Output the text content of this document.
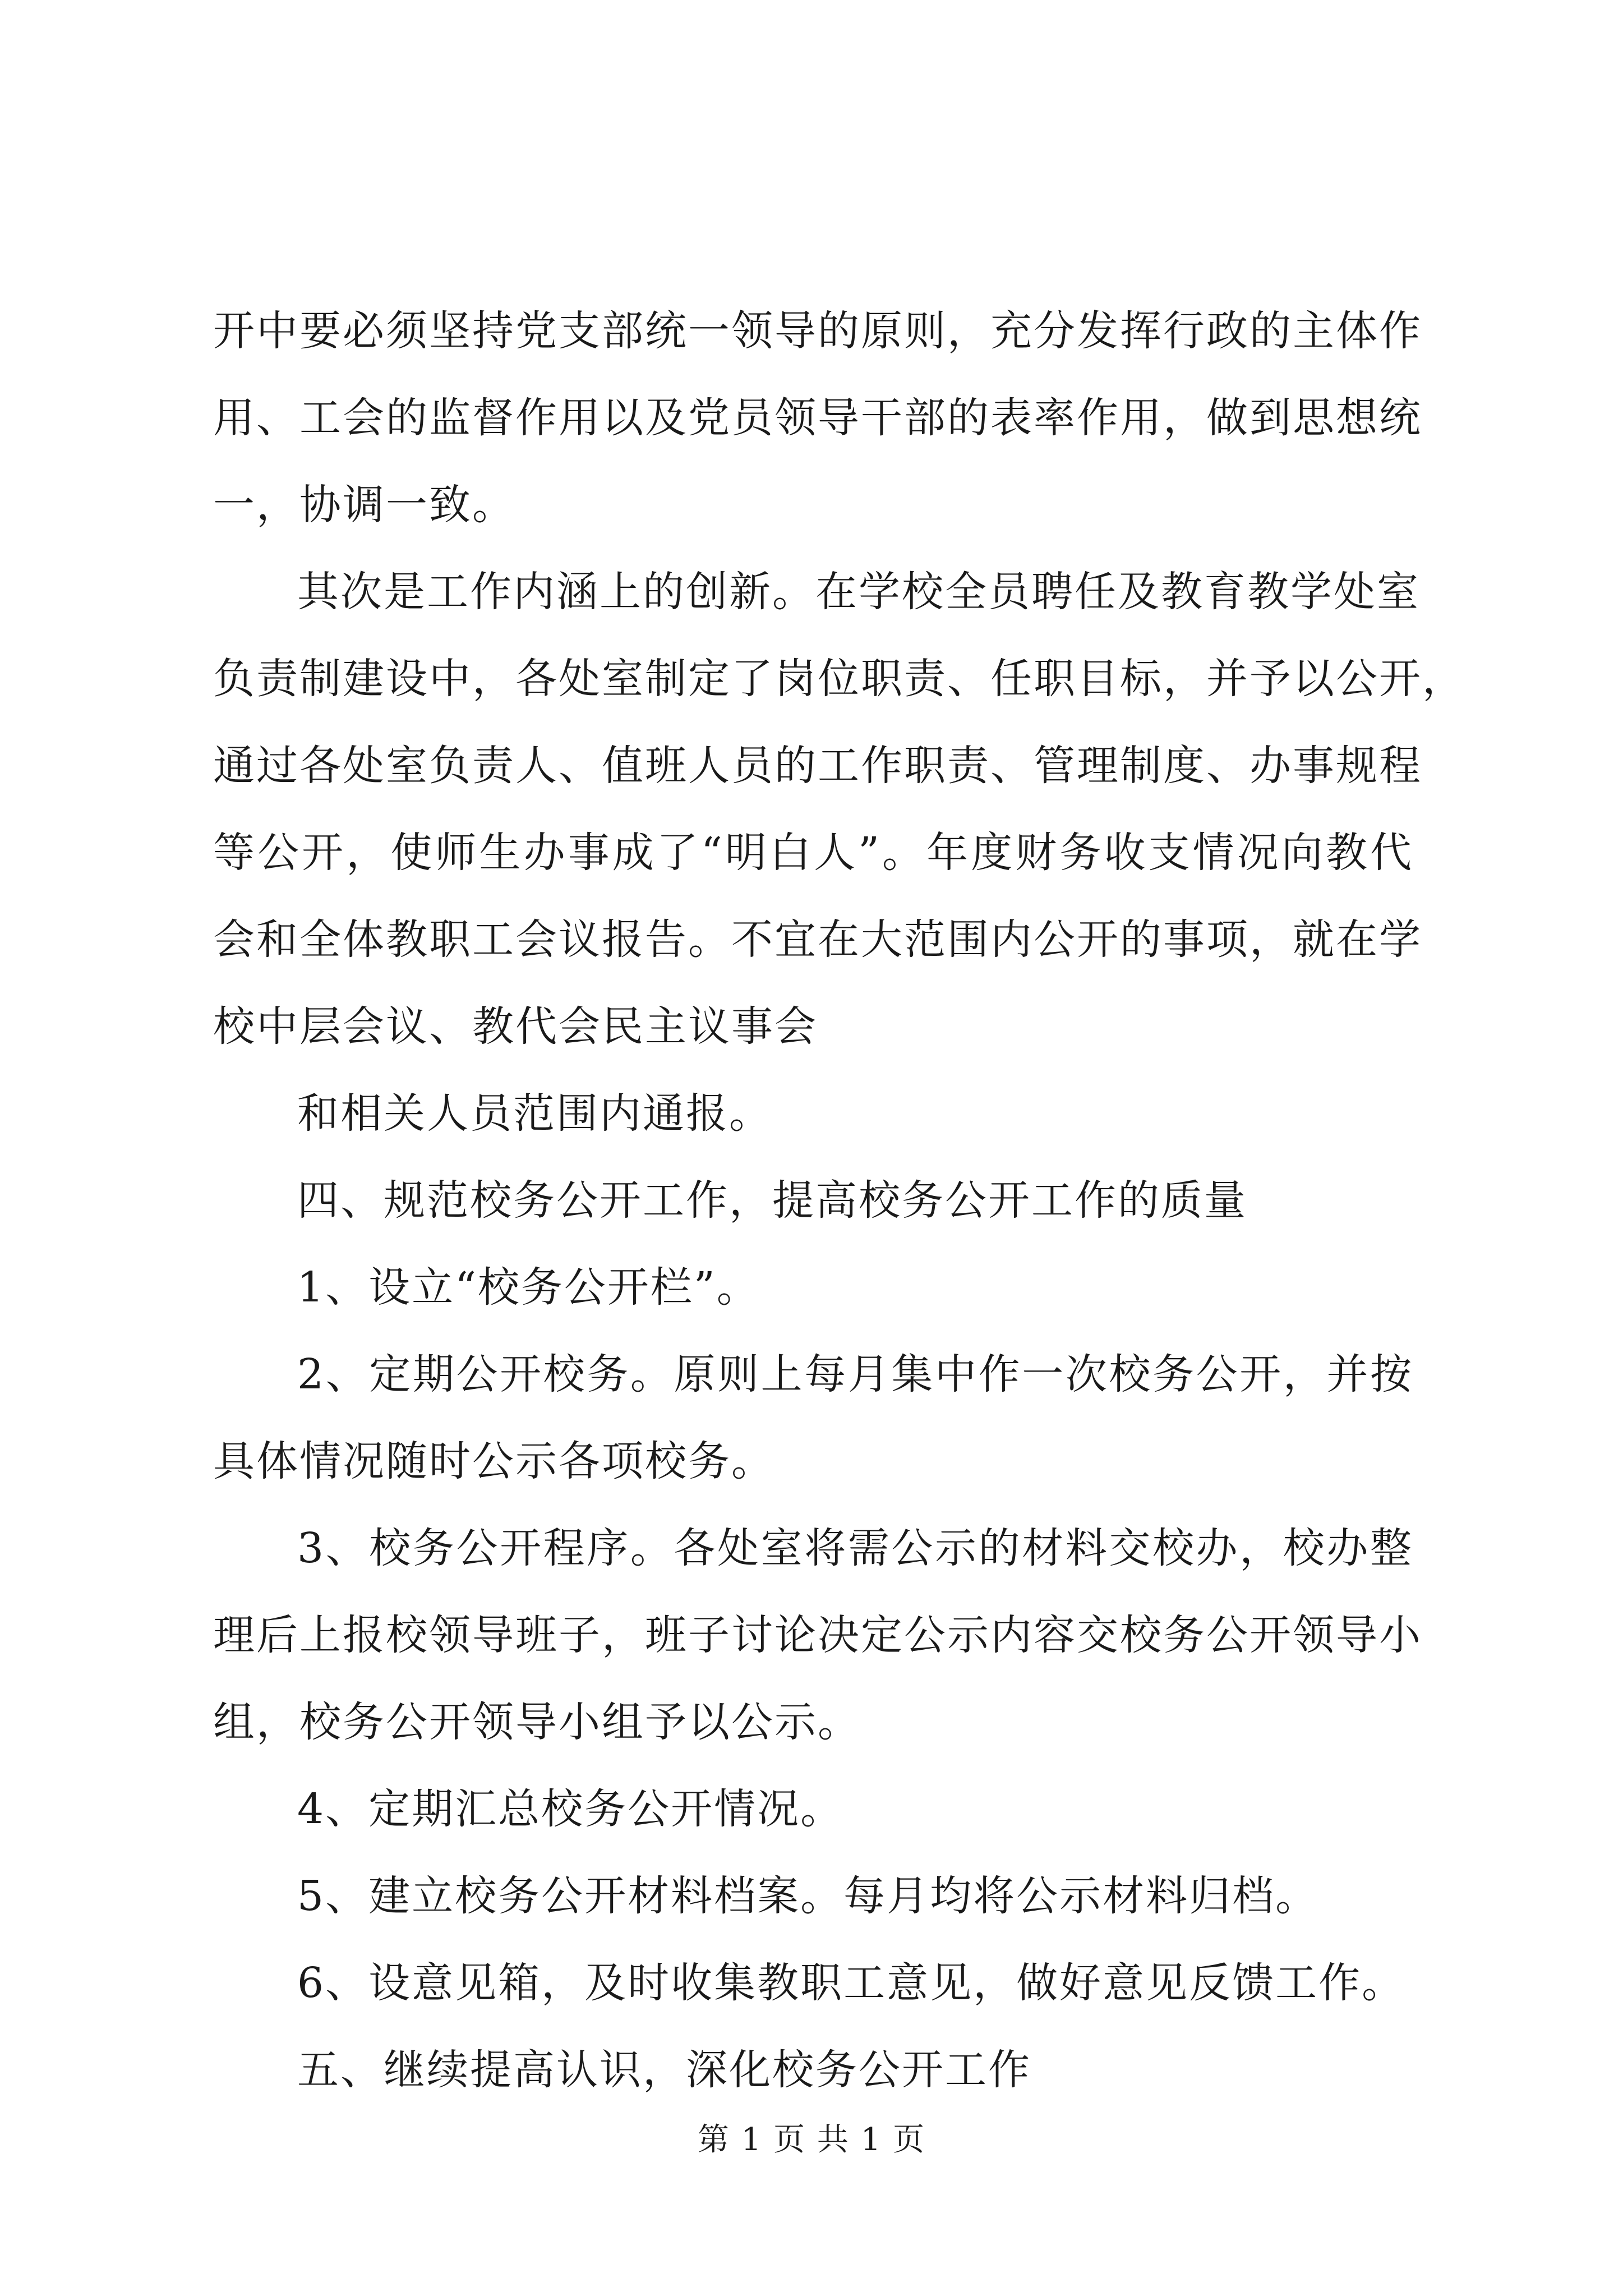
开中要必须坚持党支部统一领导的原则，充分发挥行政的主体作
用、工会的监督作用以及党员领导干部的表率作用，做到思想统
一，协调一致。
其次是工作内涵上的创新。在学校全员聘任及教育教学处室
负责制建设中，各处室制定了岗位职责、任职目标，并予以公开，
通过各处室负责人、值班人员的工作职责、管理制度、办事规程
等公开，使师生办事成了“明白人”。年度财务收支情况向教代
会和全体教职工会议报告。不宜在大范围内公开的事项，就在学
校中层会议、教代会民主议事会
和相关人员范围内通报。
四、规范校务公开工作，提高校务公开工作的质量
1、设立“校务公开栏”。
2、定期公开校务。原则上每月集中作一次校务公开，并按
具体情况随时公示各项校务。
3、校务公开程序。各处室将需公示的材料交校办，校办整
理后上报校领导班子，班子讨论决定公示内容交校务公开领导小
组，校务公开领导小组予以公示。
4、定期汇总校务公开情况。
5、建立校务公开材料档案。每月均将公示材料归档。
6、设意见箱，及时收集教职工意见，做好意见反馈工作。
五、继续提高认识，深化校务公开工作
第 1 页 共 1 页
